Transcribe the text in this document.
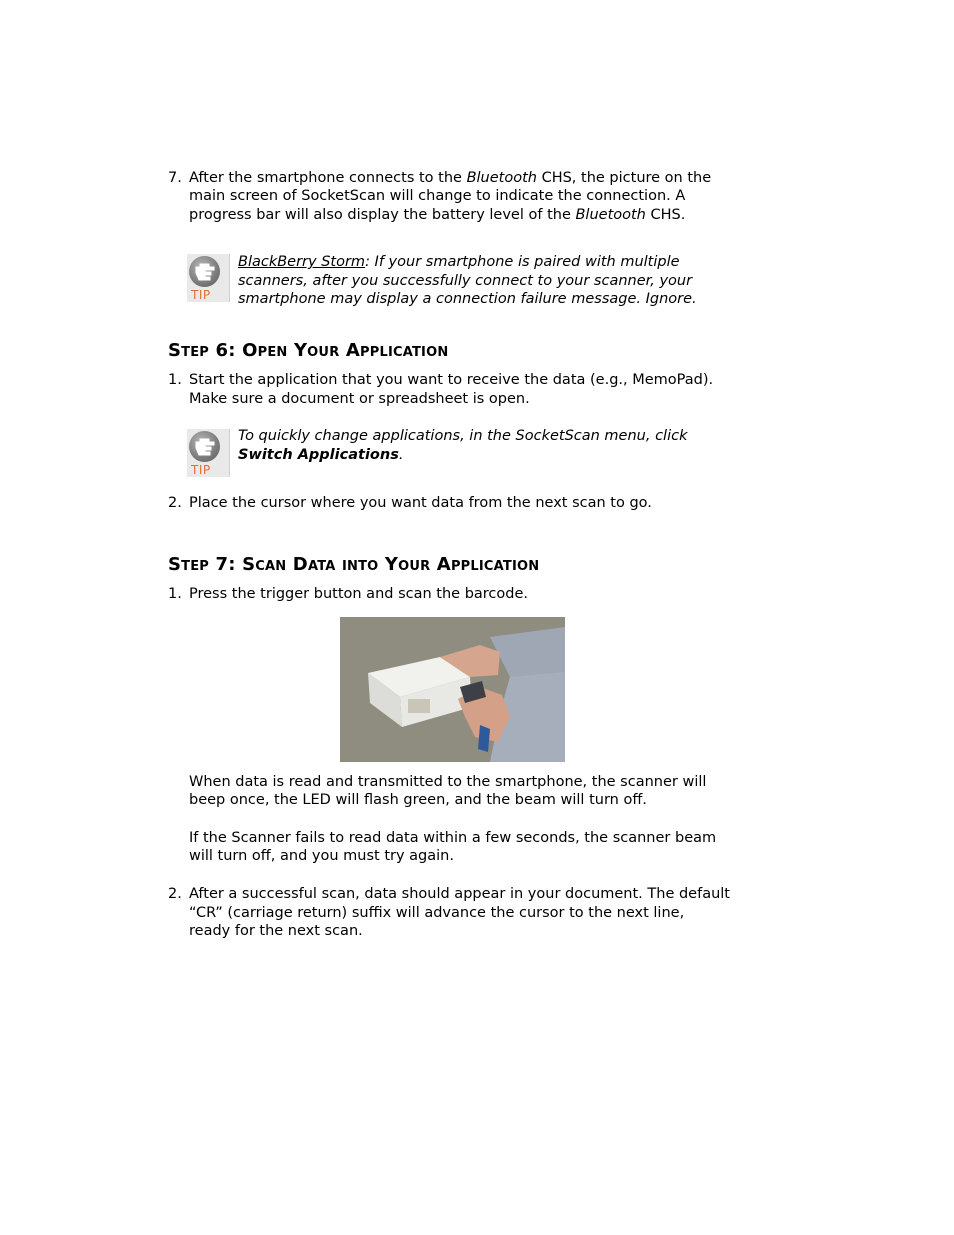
7. After the smartphone connects to the Bluetooth CHS, the picture on the
main screen of SocketScan will change to indicate the connection. A
progress bar will also display the battery level of the Bluetooth CHS.
TIP
BlackBerry Storm: If your smartphone is paired with multiple
scanners, after you successfully connect to your scanner, your
smartphone may display a connection failure message. Ignore.
Step 6: Open Your Application
1. Start the application that you want to receive the data (e.g., MemoPad).
Make sure a document or spreadsheet is open.
TIP
To quickly change applications, in the SocketScan menu, click
Switch Applications.
2. Place the cursor where you want data from the next scan to go.
Step 7: Scan Data into Your Application
1. Press the trigger button and scan the barcode.
When data is read and transmitted to the smartphone, the scanner will
beep once, the LED will flash green, and the beam will turn off.
If the Scanner fails to read data within a few seconds, the scanner beam
will turn off, and you must try again.
2. After a successful scan, data should appear in your document. The default
“CR” (carriage return) suffix will advance the cursor to the next line,
ready for the next scan.
